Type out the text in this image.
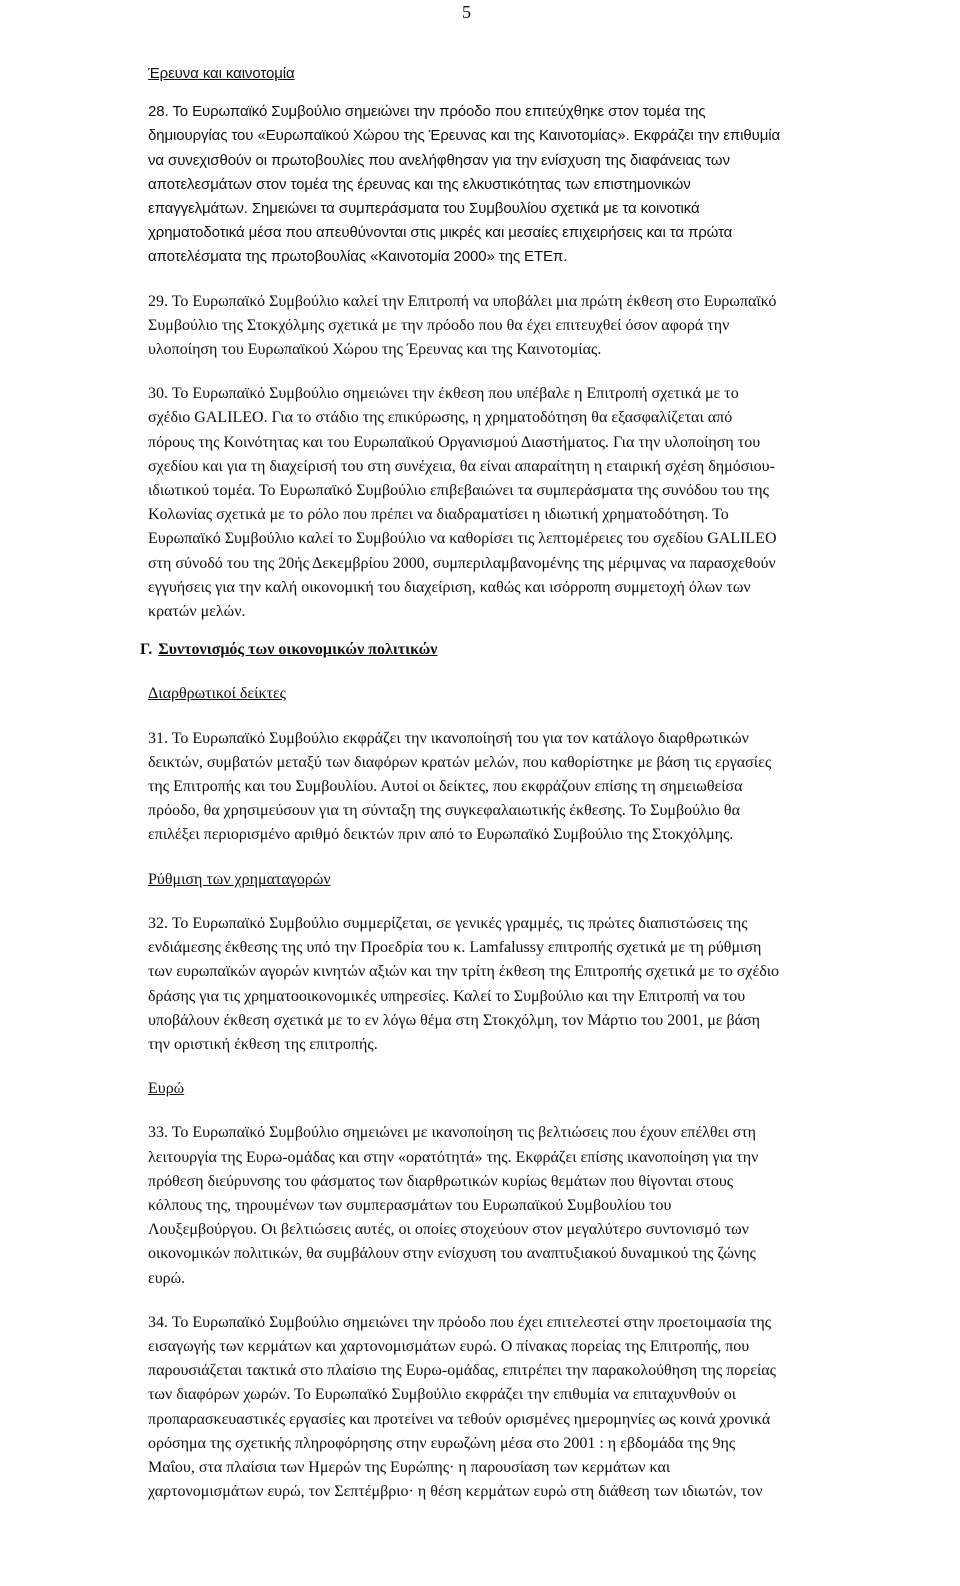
5

Έρευνα και καινοτομία

28. Το Ευρωπαϊκό Συμβούλιο σημειώνει την πρόοδο που επιτεύχθηκε στον τομέα της
δημιουργίας του «Ευρωπαϊκού Χώρου της Έρευνας και της Καινοτομίας». Εκφράζει την επιθυμία
να συνεχισθούν οι πρωτοβουλίες που ανελήφθησαν για την ενίσχυση της διαφάνειας των
αποτελεσμάτων στον τομέα της έρευνας και της ελκυστικότητας των επιστημονικών
επαγγελμάτων. Σημειώνει τα συμπεράσματα του Συμβουλίου σχετικά με τα κοινοτικά
χρηματοδοτικά μέσα που απευθύνονται στις μικρές και μεσαίες επιχειρήσεις και τα πρώτα
αποτελέσματα της πρωτοβουλίας «Καινοτομία 2000» της ΕΤΕπ.

29. Το Ευρωπαϊκό Συμβούλιο καλεί την Επιτροπή να υποβάλει μια πρώτη έκθεση στο Ευρωπαϊκό
Συμβούλιο της Στοκχόλμης σχετικά με την πρόοδο που θα έχει επιτευχθεί όσον αφορά την
υλοποίηση του Ευρωπαϊκού Χώρου της Έρευνας και της Καινοτομίας.

30. Το Ευρωπαϊκό Συμβούλιο σημειώνει την έκθεση που υπέβαλε η Επιτροπή σχετικά με το
σχέδιο GALILEO. Για το στάδιο της επικύρωσης, η χρηματοδότηση θα εξασφαλίζεται από
πόρους της Κοινότητας και του Ευρωπαϊκού Οργανισμού Διαστήματος. Για την υλοποίηση του
σχεδίου και για τη διαχείρισή του στη συνέχεια, θα είναι απαραίτητη η εταιρική σχέση δημόσιου-
ιδιωτικού τομέα. Το Ευρωπαϊκό Συμβούλιο επιβεβαιώνει τα συμπεράσματα της συνόδου του της
Κολωνίας σχετικά με το ρόλο που πρέπει να διαδραματίσει η ιδιωτική χρηματοδότηση. Το
Ευρωπαϊκό Συμβούλιο καλεί το Συμβούλιο να καθορίσει τις λεπτομέρειες του σχεδίου GALILEO
στη σύνοδό του της 20ής Δεκεμβρίου 2000, συμπεριλαμβανομένης της μέριμνας να παρασχεθούν
εγγυήσεις για την καλή οικονομική του διαχείριση, καθώς και ισόρροπη συμμετοχή όλων των
κρατών μελών.

Γ. Συντονισμός των οικονομικών πολιτικών

Διαρθρωτικοί δείκτες

31. Το Ευρωπαϊκό Συμβούλιο εκφράζει την ικανοποίησή του για τον κατάλογο διαρθρωτικών
δεικτών, συμβατών μεταξύ των διαφόρων κρατών μελών, που καθορίστηκε με βάση τις εργασίες
της Επιτροπής και του Συμβουλίου. Αυτοί οι δείκτες, που εκφράζουν επίσης τη σημειωθείσα
πρόοδο, θα χρησιμεύσουν για τη σύνταξη της συγκεφαλαιωτικής έκθεσης. Το Συμβούλιο θα
επιλέξει περιορισμένο αριθμό δεικτών πριν από το Ευρωπαϊκό Συμβούλιο της Στοκχόλμης.

Ρύθμιση των χρηματαγορών

32. Το Ευρωπαϊκό Συμβούλιο συμμερίζεται, σε γενικές γραμμές, τις πρώτες διαπιστώσεις της
ενδιάμεσης έκθεσης της υπό την Προεδρία του κ. Lamfalussy επιτροπής σχετικά με τη ρύθμιση
των ευρωπαϊκών αγορών κινητών αξιών και την τρίτη έκθεση της Επιτροπής σχετικά με το σχέδιο
δράσης για τις χρηματοοικονομικές υπηρεσίες. Καλεί το Συμβούλιο και την Επιτροπή να του
υποβάλουν έκθεση σχετικά με το εν λόγω θέμα στη Στοκχόλμη, τον Μάρτιο του 2001, με βάση
την οριστική έκθεση της επιτροπής.

Ευρώ

33. Το Ευρωπαϊκό Συμβούλιο σημειώνει με ικανοποίηση τις βελτιώσεις που έχουν επέλθει στη
λειτουργία της Ευρω-ομάδας και στην «ορατότητά» της. Εκφράζει επίσης ικανοποίηση για την
πρόθεση διεύρυνσης του φάσματος των διαρθρωτικών κυρίως θεμάτων που θίγονται στους
κόλπους της, τηρουμένων των συμπερασμάτων του Ευρωπαϊκού Συμβουλίου του
Λουξεμβούργου. Οι βελτιώσεις αυτές, οι οποίες στοχεύουν στον μεγαλύτερο συντονισμό των
οικονομικών πολιτικών, θα συμβάλουν στην ενίσχυση του αναπτυξιακού δυναμικού της ζώνης
ευρώ.

34. Το Ευρωπαϊκό Συμβούλιο σημειώνει την πρόοδο που έχει επιτελεστεί στην προετοιμασία της
εισαγωγής των κερμάτων και χαρτονομισμάτων ευρώ. Ο πίνακας πορείας της Επιτροπής, που
παρουσιάζεται τακτικά στο πλαίσιο της Ευρω-ομάδας, επιτρέπει την παρακολούθηση της πορείας
των διαφόρων χωρών. Το Ευρωπαϊκό Συμβούλιο εκφράζει την επιθυμία να επιταχυνθούν οι
προπαρασκευαστικές εργασίες και προτείνει να τεθούν ορισμένες ημερομηνίες ως κοινά χρονικά
ορόσημα της σχετικής πληροφόρησης στην ευρωζώνη μέσα στο 2001 : η εβδομάδα της 9ης
Μαΐου, στα πλαίσια των Ημερών της Ευρώπης· η παρουσίαση των κερμάτων και
χαρτονομισμάτων ευρώ, τον Σεπτέμβριο· η θέση κερμάτων ευρώ στη διάθεση των ιδιωτών, τον
